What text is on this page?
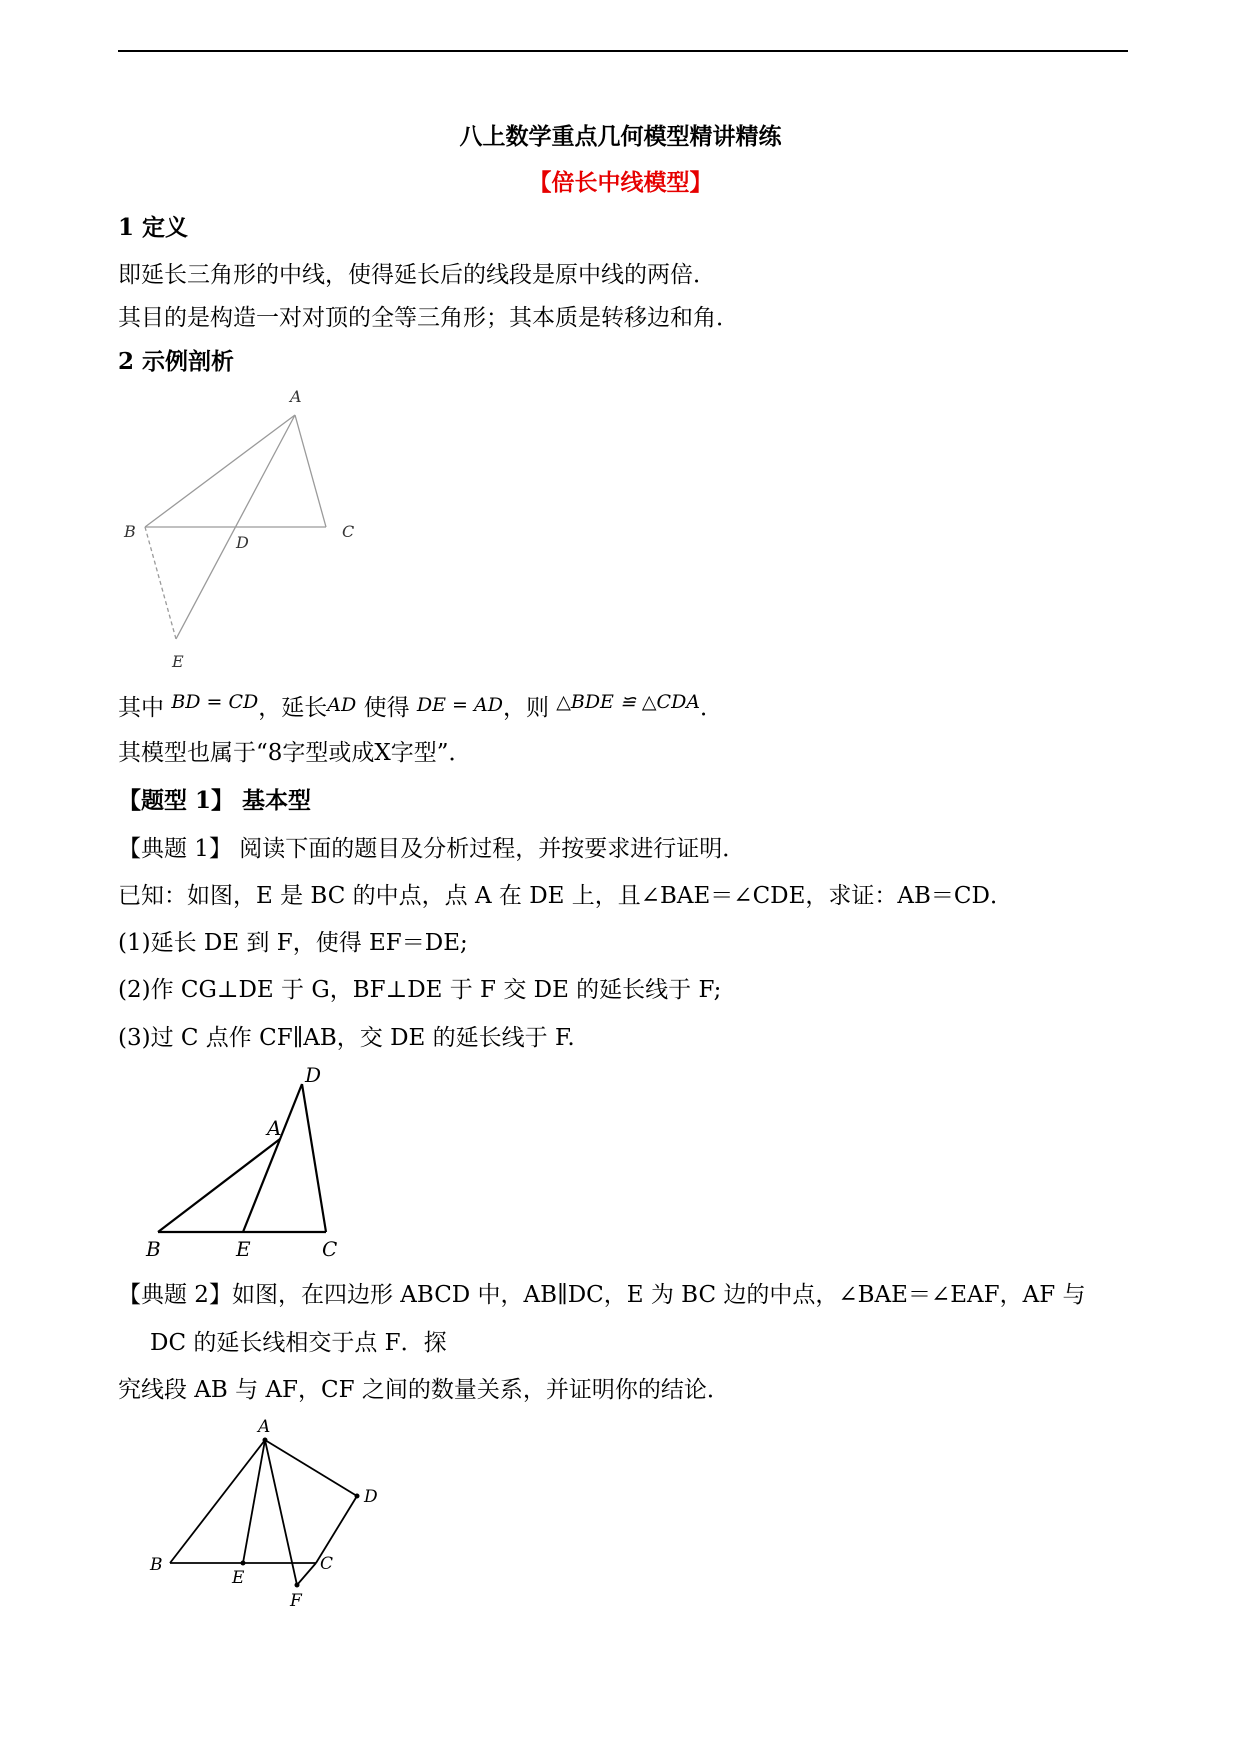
八上数学重点几何模型精讲精练
【倍长中线模型】
1 定义
即延长三角形的中线，使得延长后的线段是原中线的两倍．
其目的是构造一对对顶的全等三角形；其本质是转移边和角．
2 示例剖析
A
B	C
D
E
其中 $^{BD = CD}$，延长AD 使得 DE = AD，则 $^{\triangle BDE ≌ \triangle CDA}$．
其模型也属于“8字型或成X字型”．
【题型 1】 基本型
【典题 1】 阅读下面的题目及分析过程，并按要求进行证明．
已知：如图，E 是 BC 的中点，点 A 在 DE 上，且∠BAE＝∠CDE，求证：AB＝CD．
(1)延长 DE 到 F，使得 EF＝DE;
(2)作 CG⊥DE 于 G，BF⊥DE 于 F 交 DE 的延长线于 F;
(3)过 C 点作 CF∥AB，交 DE 的延长线于 F.
D
A
B	E	C
【典题 2】如图，在四边形 ABCD 中，AB∥DC，E 为 BC 边的中点，∠BAE＝∠EAF，AF 与
DC 的延长线相交于点 F．探
究线段 AB 与 AF，CF 之间的数量关系，并证明你的结论．
A
D
B
E
C
F
